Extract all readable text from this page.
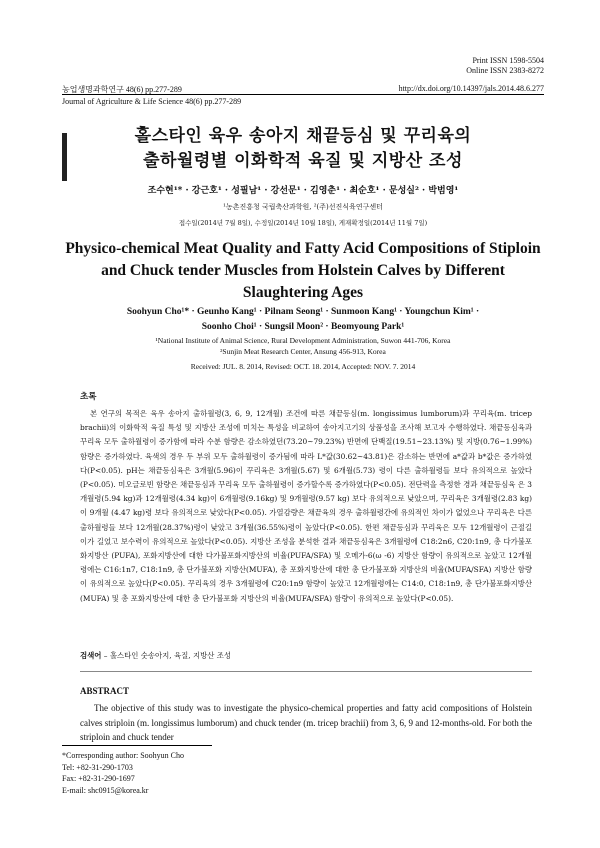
Print ISSN 1598-5504
Online ISSN 2383-8272
농업생명과학연구 48(6) pp.277-289	http://dx.doi.org/10.14397/jals.2014.48.6.277
Journal of Agriculture & Life Science 48(6) pp.277-289

홀스타인 육우 송아지 채끝등심 및 꾸리육의
출하월령별 이화학적 육질 및 지방산 조성

조수현¹* · 강근호¹ · 성필남¹ · 강선문¹ · 김영춘¹ · 최순호¹ · 문성실² · 박범영¹
¹농촌진흥청 국립축산과학원, ²(주)선진식육연구센터
접수일(2014년 7월 8일), 수정일(2014년 10월 18일), 게재확정일(2014년 11월 7일)
Physico-chemical Meat Quality and Fatty Acid Compositions of Stiploin
and Chuck tender Muscles from Holstein Calves by Different
Slaughtering Ages
Soohyun Cho¹* · Geunho Kang¹ · Pilnam Seong¹ · Sunmoon Kang¹ · Youngchun Kim¹ ·
Soonho Choi¹ · Sungsil Moon² · Beomyoung Park¹
¹National Institute of Animal Science, Rural Development Administration, Suwon 441-706, Korea
²Sunjin Meat Research Center, Ansung 456-913, Korea
Received: JUL. 8. 2014, Revised: OCT. 18. 2014, Accepted: NOV. 7. 2014
초록

본 연구의 목적은 육우 송아지 출하월령(3, 6, 9, 12개월) 조건에 따른 채끝등심(m. longissimus lumborum)과 꾸리육(m. tricep brachii)의 이화학적 육질 특성 및 지방산 조성에 미치는 특성을 비교하여 송아지고기의 상품성을 조사해 보고자 수행하였다. 채끝등심육과 꾸리육 모두 출하월령이 증가함에 따라 수분 함량은 감소하였던(73.20~79.23%) 반면에 단백질(19.51~23.13%) 및 지방(0.76~1.99%) 함량은 증가하였다. 육색의 경우 두 부위 모두 출하월령이 증가됨에 따라 L*값(30.62~43.81)은 감소하는 반면에 a*값과 b*값은 증가하였다(P<0.05). pH는 채끝등심육은 3개월(5.96)이 꾸리육은 3개월(5.67) 및 6개월(5.73) 령이 다른 출하월령들 보다 유의적으로 높았다(P<0.05). 미오글로빈 함량은 채끝등심과 꾸리육 모두 출하월령이 증가할수록 증가하였다(P<0.05). 전단력을 측정한 경과 채끝등심육 은 3개월령(5.94 kg)과 12개월령(4.34 kg)이 6개월령(9.16kg) 및 9개월령(9.57 kg) 보다 유의적으로 낮았으며, 꾸리육은 3개월령(2.83 kg)이 9개월 (4.47 kg)령 보다 유의적으로 낮았다(P<0.05). 가열감량은 채끝육의 경우 출하월령간에 유의적인 차이가 없었으나 꾸리육은 다른 출하월령들 보다 12개월(28.37%)령이 낮았고 3개월(36.55%)령이 높았다(P<0.05). 한편 채끝등심과 꾸리육은 모두 12개월령이 근절길이가 길었고 보수력이 유의적으로 높았다(P<0.05). 지방산 조성을 분석한 결과 채끝등심육은 3개월령에 C18:2n6, C20:1n9, 총 다가불포화지방산 (PUFA), 포화지방산에 대한 다가불포화지방산의 비율(PUFA/SFA) 및 오메가-6(ω -6) 지방산 함량이 유의적으로 높았고 12개월령에는 C16:1n7, C18:1n9, 총 단가불포화 지방산(MUFA), 총 포화지방산에 대한 총 단가불포화 지방산의 비율(MUFA/SFA) 지방산 함량이 유의적으로 높았다(P<0.05). 꾸리육의 경우 3개월령에 C20:1n9 함량이 높았고 12개월령에는 C14:0, C18:1n9, 총 단가불포화지방산(MUFA) 및 총 포화지방산에 대한 총 단가불포화 지방산의 비율(MUFA/SFA) 함량이 유의적으로 높았다(P<0.05).

검색어 – 홀스타인 숫송아지, 육질, 지방산 조성
ABSTRACT

The objective of this study was to investigate the physico-chemical properties and fatty acid compositions of Holstein calves striploin (m. longissimus lumborum) and chuck tender (m. tricep brachii) from 3, 6, 9 and 12-months-old. For both the striploin and chuck tender

*Corresponding author: Soohyun Cho
Tel: +82-31-290-1703
Fax: +82-31-290-1697
E-mail: shc0915@korea.kr
